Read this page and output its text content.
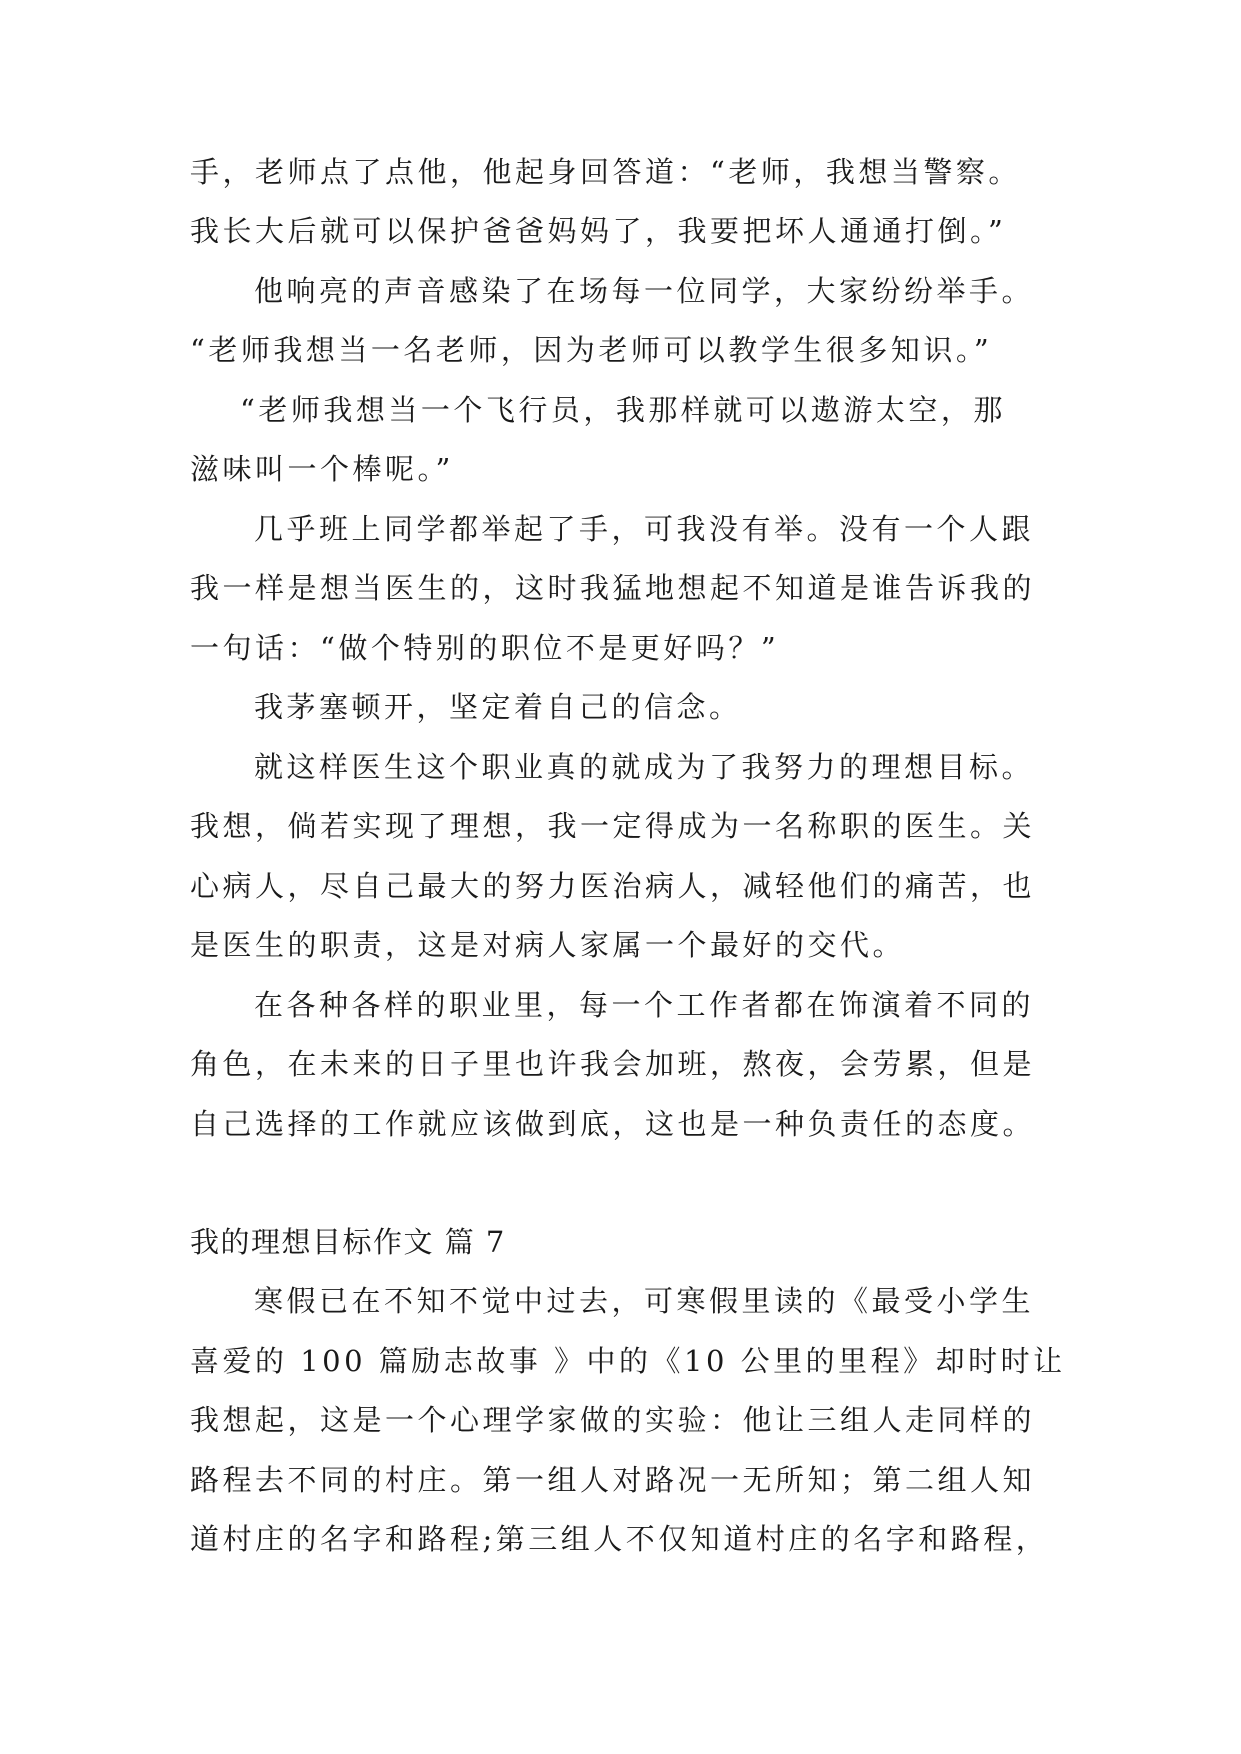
手，老师点了点他，他起身回答道：“老师，我想当警察。
我长大后就可以保护爸爸妈妈了，我要把坏人通通打倒。”
他响亮的声音感染了在场每一位同学，大家纷纷举手。
“老师我想当一名老师，因为老师可以教学生很多知识。”
“老师我想当一个飞行员，我那样就可以遨游太空，那
滋味叫一个棒呢。”
几乎班上同学都举起了手，可我没有举。没有一个人跟
我一样是想当医生的，这时我猛地想起不知道是谁告诉我的
一句话：“做个特别的职位不是更好吗？”
我茅塞顿开，坚定着自己的信念。
就这样医生这个职业真的就成为了我努力的理想目标。
我想，倘若实现了理想，我一定得成为一名称职的医生。关
心病人，尽自己最大的努力医治病人，减轻他们的痛苦，也
是医生的职责，这是对病人家属一个最好的交代。
在各种各样的职业里，每一个工作者都在饰演着不同的
角色，在未来的日子里也许我会加班，熬夜，会劳累，但是
自己选择的工作就应该做到底，这也是一种负责任的态度。
我的理想目标作文 篇 7
寒假已在不知不觉中过去，可寒假里读的《最受小学生
喜爱的 100 篇励志故事 》中的《10 公里的里程》却时时让
我想起，这是一个心理学家做的实验：他让三组人走同样的
路程去不同的村庄。第一组人对路况一无所知；第二组人知
道村庄的名字和路程;第三组人不仅知道村庄的名字和路程，
